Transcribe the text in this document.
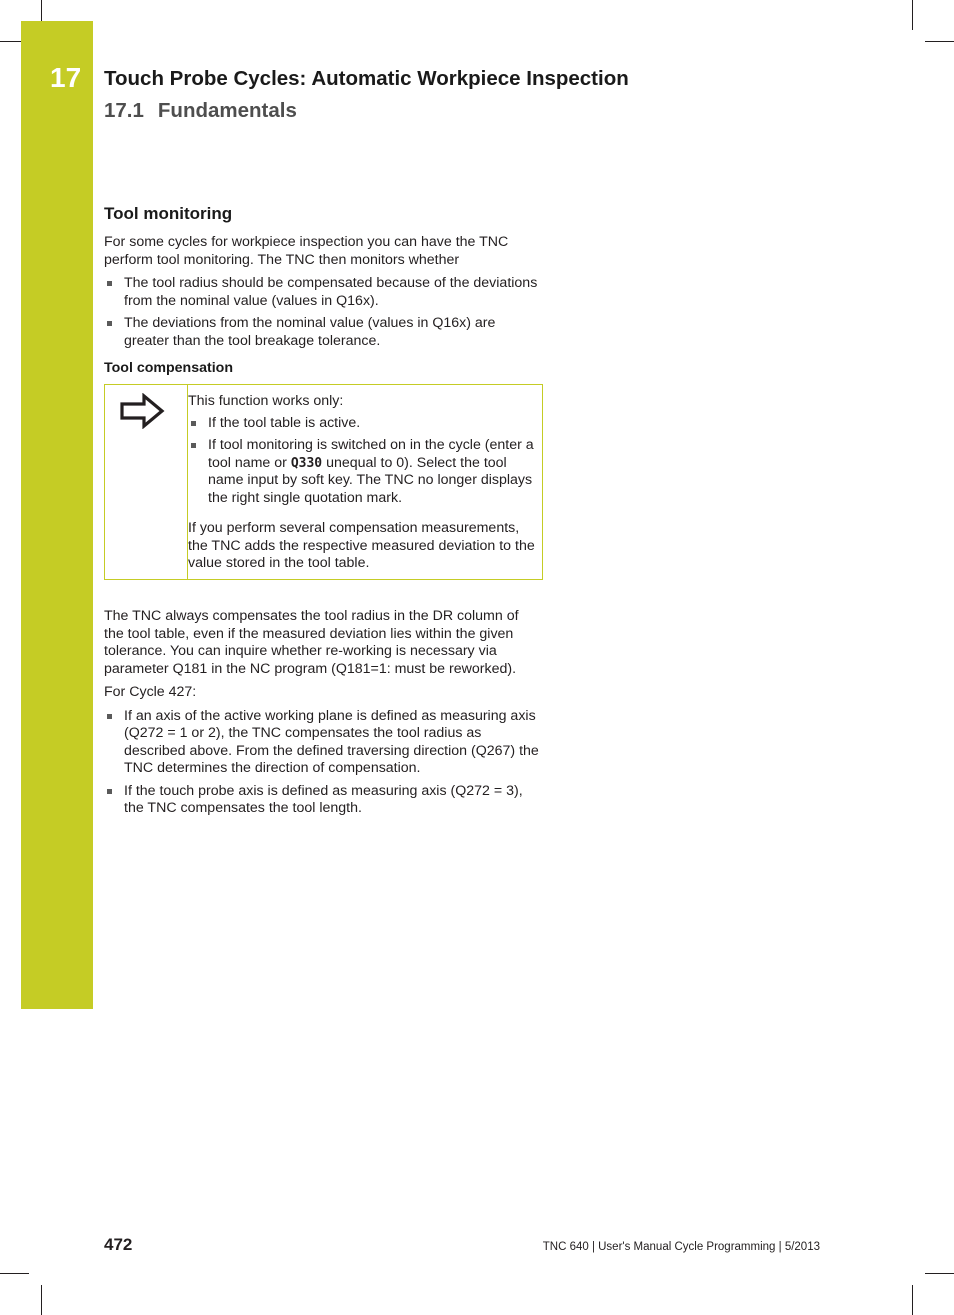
17 Touch Probe Cycles: Automatic Workpiece Inspection
17.1 Fundamentals
Tool monitoring

For some cycles for workpiece inspection you can have the TNC perform tool monitoring. The TNC then monitors whether

The tool radius should be compensated because of the deviations from the nominal value (values in Q16x).
The deviations from the nominal value (values in Q16x) are greater than the tool breakage tolerance.
Tool compensation

This function works only:

If the tool table is active.
If tool monitoring is switched on in the cycle (enter a tool name or Q330 unequal to 0). Select the tool name input by soft key. The TNC no longer displays the right single quotation mark.

If you perform several compensation measurements, the TNC adds the respective measured deviation to the value stored in the tool table.

The TNC always compensates the tool radius in the DR column of the tool table, even if the measured deviation lies within the given tolerance. You can inquire whether re-working is necessary via parameter Q181 in the NC program (Q181=1: must be reworked).

For Cycle 427:

If an axis of the active working plane is defined as measuring axis (Q272 = 1 or 2), the TNC compensates the tool radius as described above. From the defined traversing direction (Q267) the TNC determines the direction of compensation.
If the touch probe axis is defined as measuring axis (Q272 = 3), the TNC compensates the tool length.
472	TNC 640 | User's Manual Cycle Programming | 5/2013
